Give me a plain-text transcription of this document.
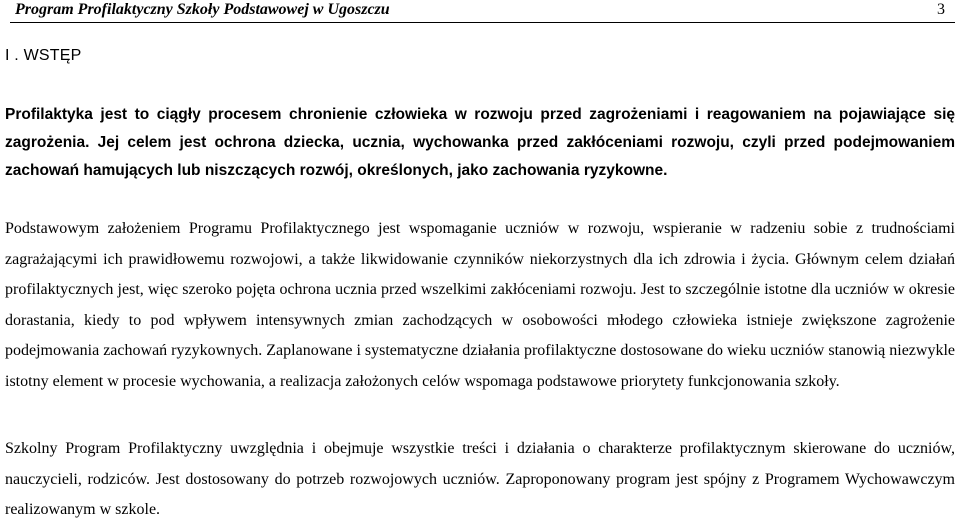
Program Profilaktyczny Szkoły Podstawowej w Ugoszczu	3
I . WSTĘP

Profilaktyka jest to ciągły procesem chronienie człowieka w rozwoju przed zagrożeniami i reagowaniem na pojawiające się zagrożenia. Jej celem jest ochrona dziecka, ucznia, wychowanka przed zakłóceniami rozwoju, czyli przed podejmowaniem zachowań hamujących lub niszczących rozwój, określonych, jako zachowania ryzykowne.

Podstawowym założeniem Programu Profilaktycznego jest wspomaganie uczniów w rozwoju, wspieranie w radzeniu sobie z trudnościami zagrażającymi ich prawidłowemu rozwojowi, a także likwidowanie czynników niekorzystnych dla ich zdrowia i życia. Głównym celem działań profilaktycznych jest, więc szeroko pojęta ochrona ucznia przed wszelkimi zakłóceniami rozwoju. Jest to szczególnie istotne dla uczniów w okresie dorastania, kiedy to pod wpływem intensywnych zmian zachodzących w osobowości młodego człowieka istnieje zwiększone zagrożenie podejmowania zachowań ryzykownych. Zaplanowane i systematyczne działania profilaktyczne dostosowane do wieku uczniów stanowią niezwykle istotny element w procesie wychowania, a realizacja założonych celów wspomaga podstawowe priorytety funkcjonowania szkoły.

Szkolny Program Profilaktyczny uwzględnia i obejmuje wszystkie treści i działania o charakterze profilaktycznym skierowane do uczniów, nauczycieli, rodziców. Jest dostosowany do potrzeb rozwojowych uczniów. Zaproponowany program jest spójny z Programem Wychowawczym realizowanym w szkole.
